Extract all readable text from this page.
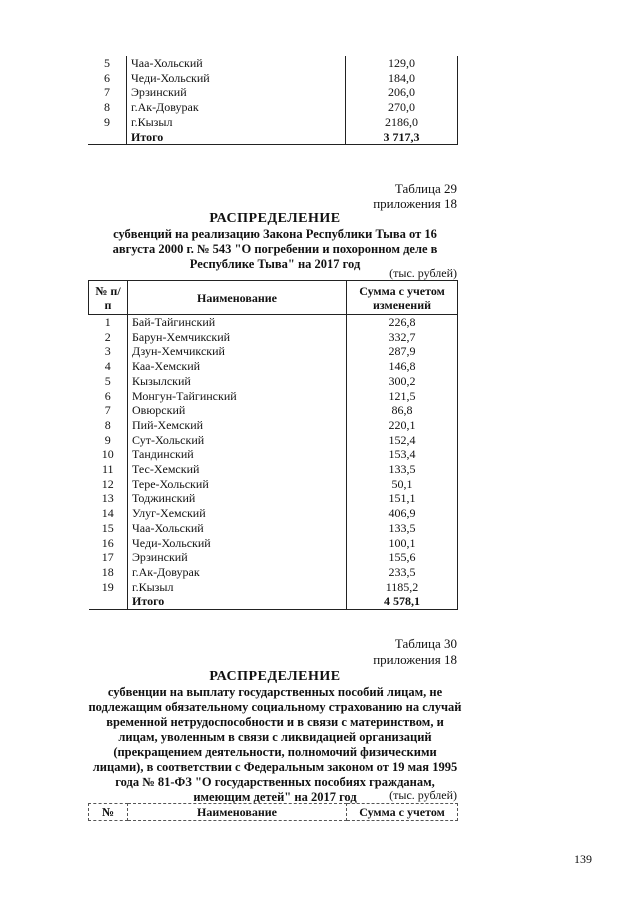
5	Чаа-Хольский	129,0
6	Чеди-Хольский	184,0
7	Эрзинский	206,0
8	г.Ак-Довурак	270,0
9	г.Кызыл	2186,0
	Итого	3 717,3
Таблица 29
приложения 18
РАСПРЕДЕЛЕНИЕ
субвенций на реализацию Закона Республики Тыва от 16
августа 2000 г. № 543 "О погребении и похоронном деле в
Республике Тыва" на 2017 год
(тыс. рублей)
№ п/п	Наименование	Сумма с учетом изменений
1	Бай-Тайгинский	226,8
2	Барун-Хемчикский	332,7
3	Дзун-Хемчикский	287,9
4	Каа-Хемский	146,8
5	Кызылский	300,2
6	Монгун-Тайгинский	121,5
7	Овюрский	86,8
8	Пий-Хемский	220,1
9	Сут-Хольский	152,4
10	Тандинский	153,4
11	Тес-Хемский	133,5
12	Тере-Хольский	50,1
13	Тоджинский	151,1
14	Улуг-Хемский	406,9
15	Чаа-Хольский	133,5
16	Чеди-Хольский	100,1
17	Эрзинский	155,6
18	г.Ак-Довурак	233,5
19	г.Кызыл	1185,2
	Итого	4 578,1
Таблица 30
приложения 18
РАСПРЕДЕЛЕНИЕ
субвенции на выплату государственных пособий лицам, не
подлежащим обязательному социальному страхованию на случай
временной нетрудоспособности и в связи с материнством, и
лицам, уволенным в связи с ликвидацией организаций
(прекращением деятельности, полномочий физическими
лицами), в соответствии с Федеральным законом от 19 мая 1995
года № 81-ФЗ "О государственных пособиях гражданам,
имеющим детей" на 2017 год	(тыс. рублей)
№	Наименование	Сумма с учетом
139
